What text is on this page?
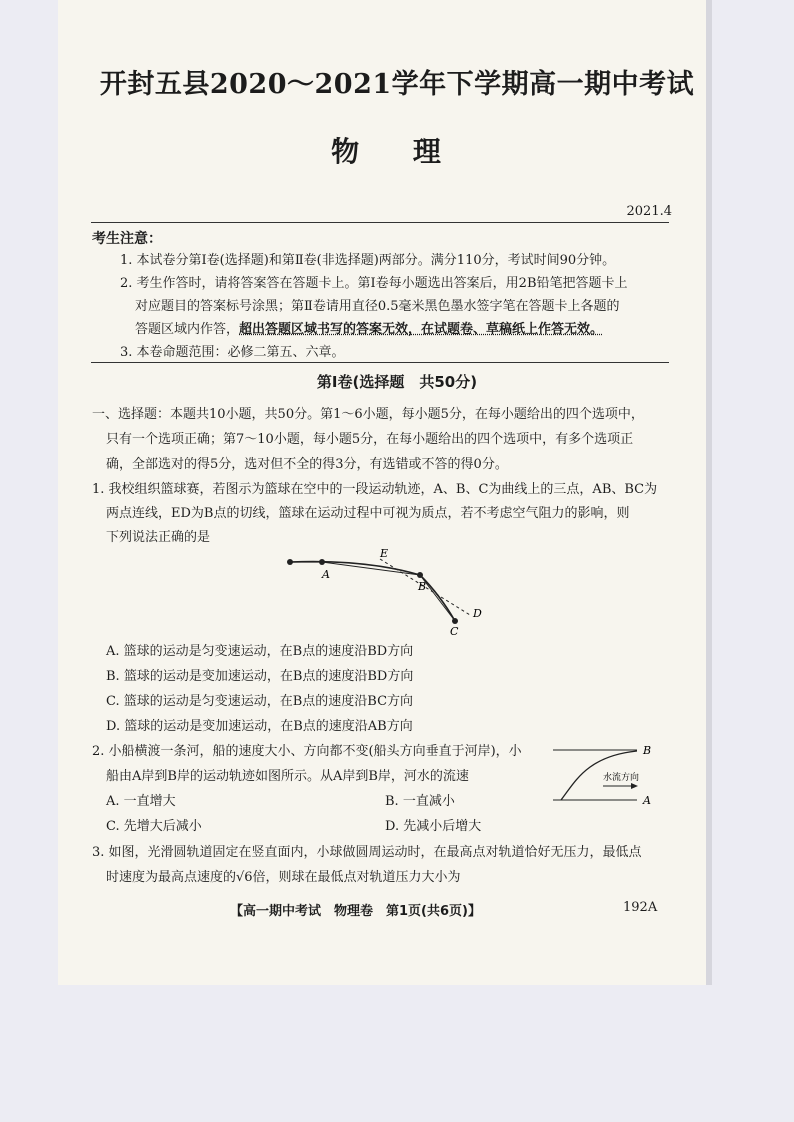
开封五县2020～2021学年下学期高一期中考试
物 理
2021.4
考生注意：
1. 本试卷分第Ⅰ卷(选择题)和第Ⅱ卷(非选择题)两部分。满分110分，考试时间90分钟。
2. 考生作答时，请将答案答在答题卡上。第Ⅰ卷每小题选出答案后，用2B铅笔把答题卡上
对应题目的答案标号涂黑；第Ⅱ卷请用直径0.5毫米黑色墨水签字笔在答题卡上各题的
答题区域内作答，超出答题区域书写的答案无效，在试题卷、草稿纸上作答无效。
3. 本卷命题范围：必修二第五、六章。
第Ⅰ卷(选择题　共50分)
一、选择题：本题共10小题，共50分。第1～6小题，每小题5分，在每小题给出的四个选项中，
只有一个选项正确；第7～10小题，每小题5分，在每小题给出的四个选项中，有多个选项正
确，全部选对的得5分，选对但不全的得3分，有选错或不答的得0分。
1. 我校组织篮球赛，若图示为篮球在空中的一段运动轨迹，A、B、C为曲线上的三点，AB、BC为
两点连线，ED为B点的切线，篮球在运动过程中可视为质点，若不考虑空气阻力的影响，则
下列说法正确的是
A
B
C
D
E
A. 篮球的运动是匀变速运动，在B点的速度沿BD方向
B. 篮球的运动是变加速运动，在B点的速度沿BD方向
C. 篮球的运动是匀变速运动，在B点的速度沿BC方向
D. 篮球的运动是变加速运动，在B点的速度沿AB方向
2. 小船横渡一条河，船的速度大小、方向都不变(船头方向垂直于河岸)，小
船由A岸到B岸的运动轨迹如图所示。从A岸到B岸，河水的流速
A. 一直增大	B. 一直减小
C. 先增大后减小	D. 先减小后增大
B
A
水流方向
3. 如图，光滑圆轨道固定在竖直面内，小球做圆周运动时，在最高点对轨道恰好无压力，最低点
时速度为最高点速度的√6倍，则球在最低点对轨道压力大小为
【高一期中考试　物理卷　第1页(共6页)】	192A
